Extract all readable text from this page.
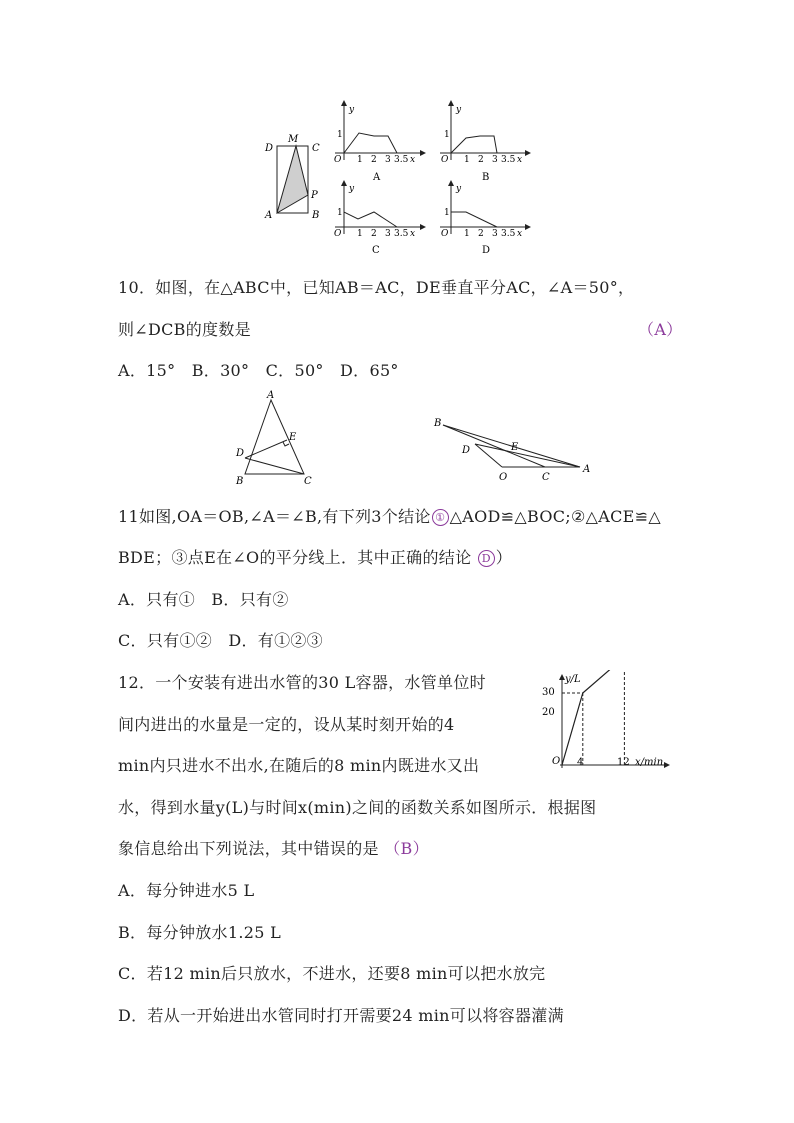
D
M
C
P
A	B
y
1
O 1 2 3 3.5 x
A
y
1
O 1 2 3 3.5 x
B
y
1
O 1 2 3 3.5 x
C
y
1
O 1 2 3 3.5 x
D
10．如图，在△ABC中，已知AB＝AC，DE垂直平分AC，∠A＝50°，
则∠DCB的度数是	（A）
A．15°　B．30°　C．50°　D．65°
A
E
D
B	C
B
E
D
O	C
A
11如图,OA＝OB,∠A＝∠B,有下列3个结论 ① △AOD≌△BOC;②△ACE≌△
BDE；③点E在∠O的平分线上．其中正确的结论 D ）
A．只有①　B．只有②
C．只有①②　D．有①②③
12．一个安装有进出水管的30 L容器，水管单位时
间内进出的水量是一定的，设从某时刻开始的4
min内只进水不出水,在随后的8 min内既进水又出
水，得到水量y(L)与时间x(min)之间的函数关系如图所示．根据图
象信息给出下列说法，其中错误的是 （B）
A．每分钟进水5 L
B．每分钟放水1.25 L
C．若12 min后只放水，不进水，还要8 min可以把水放完
D．若从一开始进出水管同时打开需要24 min可以将容器灌满
y/L
x/min
O
30
20
4	12
